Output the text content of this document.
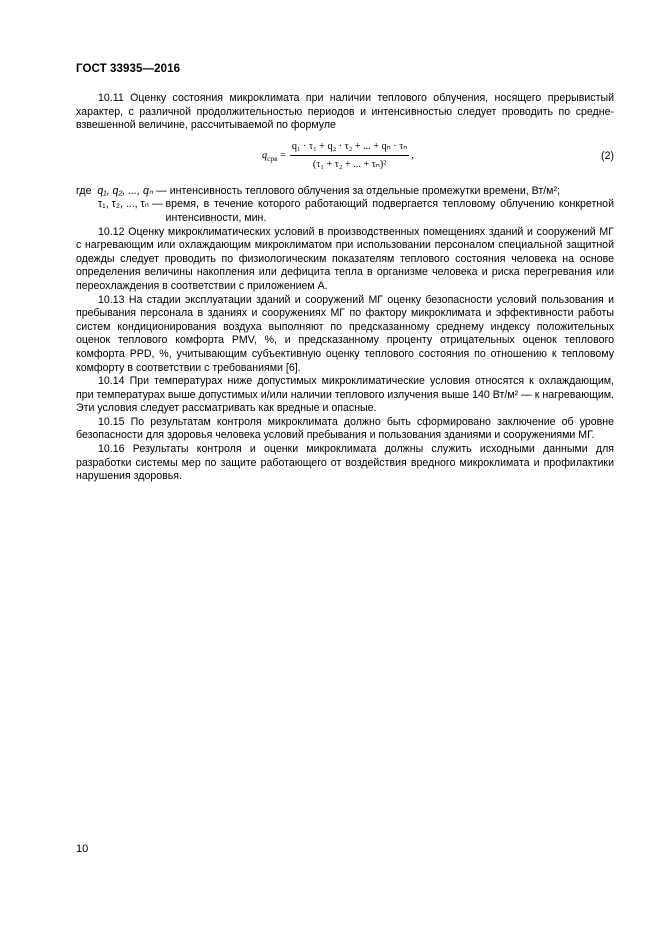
ГОСТ 33935—2016

10.11 Оценку состояния микроклимата при наличии теплового облучения, носящего прерывистый характер, с различной продолжительностью периодов и интенсивностью следует проводить по средне-взвешенной величине, рассчитываемой по формуле

$q_{срв} = \frac{\text{q₁ · τ₁ + q₂ · τ₂ + ... + qₙ · τₙ}}{\text{(τ₁ + τ₂ + ... + τₙ)²}}$ ,	(2)
где q₁, q₂, ..., qₙ — интенсивность теплового облучения за отдельные промежутки времени, Вт/м²;
τ₁, τ₂, ..., τₙ — время, в течение которого работающий подвергается тепловому облучению конкретной интенсивности, мин.

10.12 Оценку микроклиматических условий в производственных помещениях зданий и сооружений МГ с нагревающим или охлаждающим микроклиматом при использовании персоналом специальной защитной одежды следует проводить по физиологическим показателям теплового состояния человека на основе определения величины накопления или дефицита тепла в организме человека и риска перегревания или переохлаждения в соответствии с приложением А.

10.13 На стадии эксплуатации зданий и сооружений МГ оценку безопасности условий пользования и пребывания персонала в зданиях и сооружениях МГ по фактору микроклимата и эффективности работы систем кондиционирования воздуха выполняют по предсказанному среднему индексу положительных оценок теплового комфорта PMV, %, и предсказанному проценту отрицательных оценок теплового комфорта PPD, %, учитывающим субъективную оценку теплового состояния по отношению к тепловому комфорту в соответствии с требованиями [6].

10.14 При температурах ниже допустимых микроклиматические условия относятся к охлаждающим, при температурах выше допустимых и/или наличии теплового излучения выше 140 Вт/м² — к нагревающим. Эти условия следует рассматривать как вредные и опасные.

10.15 По результатам контроля микроклимата должно быть сформировано заключение об уровне безопасности для здоровья человека условий пребывания и пользования зданиями и сооружениями МГ.

10.16 Результаты контроля и оценки микроклимата должны служить исходными данными для разработки системы мер по защите работающего от воздействия вредного микроклимата и профилактики нарушения здоровья.

10
